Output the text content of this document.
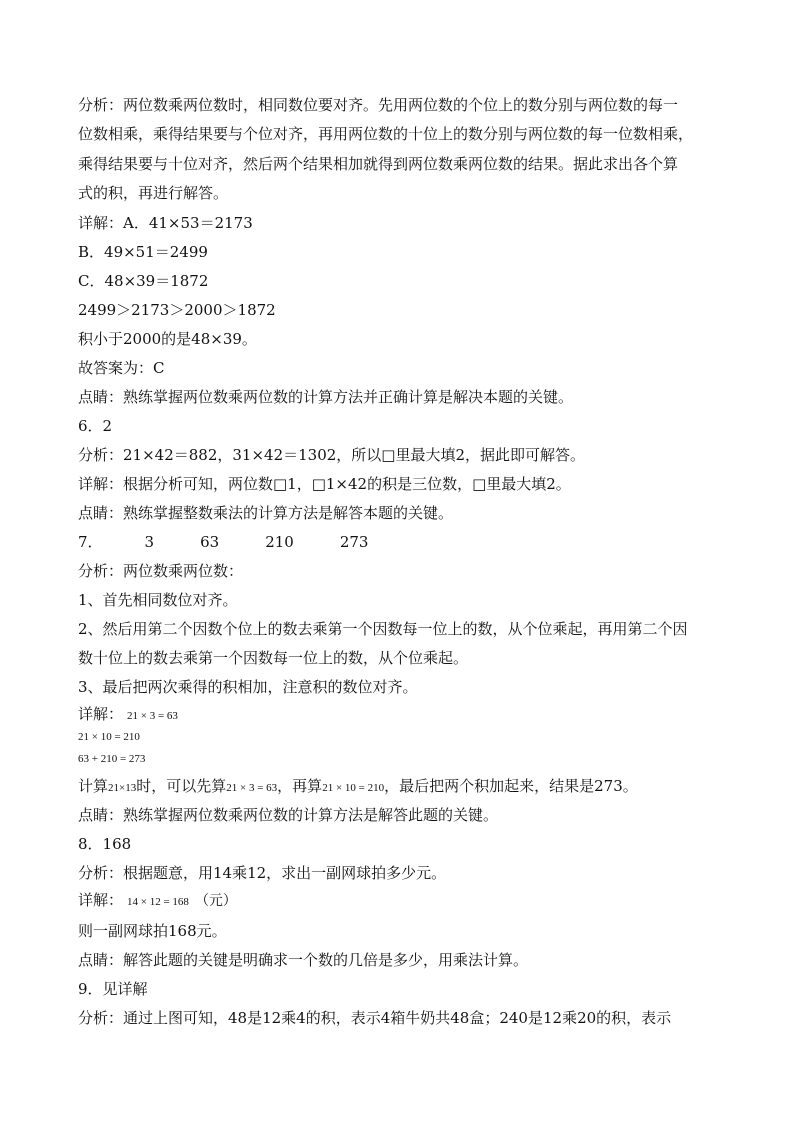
分析：两位数乘两位数时，相同数位要对齐。先用两位数的个位上的数分别与两位数的每一
位数相乘，乘得结果要与个位对齐，再用两位数的十位上的数分别与两位数的每一位数相乘，
乘得结果要与十位对齐，然后两个结果相加就得到两位数乘两位数的结果。据此求出各个算
式的积，再进行解答。
详解：A．41×53＝2173
B．49×51＝2499
C．48×39＝1872
2499＞2173＞2000＞1872
积小于2000的是48×39。
故答案为：C
点睛：熟练掌握两位数乘两位数的计算方法并正确计算是解决本题的关键。
6．2
分析：21×42＝882，31×42＝1302，所以□里最大填2，据此即可解答。
详解：根据分析可知，两位数□1，□1×42的积是三位数，□里最大填2。
点睛：熟练掌握整数乘法的计算方法是解答本题的关键。
7．	3	63	210	273
分析：两位数乘两位数：
1、首先相同数位对齐。
2、然后用第二个因数个位上的数去乘第一个因数每一位上的数，从个位乘起，再用第二个因
数十位上的数去乘第一个因数每一位上的数，从个位乘起。
3、最后把两次乘得的积相加，注意积的数位对齐。
详解： 21 × 3 = 63
21 × 10 = 210
63 + 210 = 273
计算21×13时，可以先算21 × 3 = 63，再算21 × 10 = 210，最后把两个积加起来，结果是273。
点睛：熟练掌握两位数乘两位数的计算方法是解答此题的关键。
8．168
分析：根据题意，用14乘12，求出一副网球拍多少元。
详解： 14 × 12 = 168 （元）
则一副网球拍168元。
点睛：解答此题的关键是明确求一个数的几倍是多少，用乘法计算。
9．见详解
分析：通过上图可知，48是12乘4的积，表示4箱牛奶共48盒；240是12乘20的积，表示
